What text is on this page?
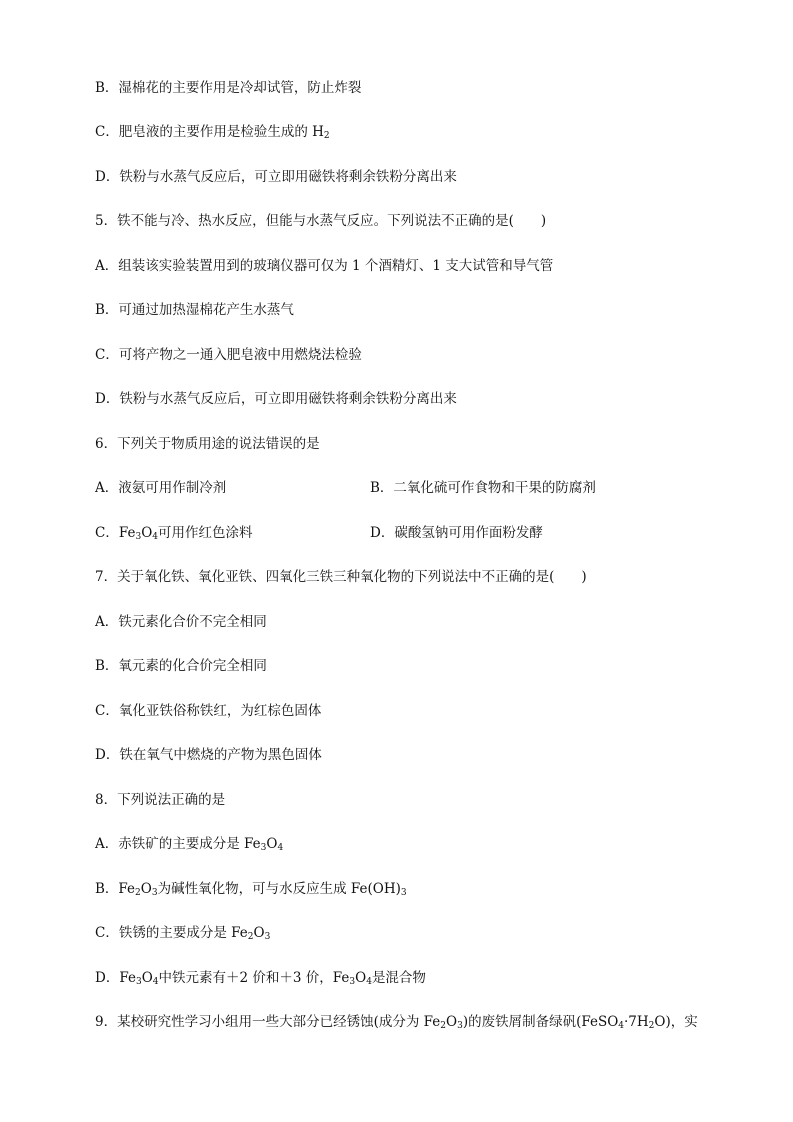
B．湿棉花的主要作用是冷却试管，防止炸裂
C．肥皂液的主要作用是检验生成的 $H_2$
D．铁粉与水蒸气反应后，可立即用磁铁将剩余铁粉分离出来
5．铁不能与冷、热水反应，但能与水蒸气反应。下列说法不正确的是(　　)
A．组装该实验装置用到的玻璃仪器可仅为 1 个酒精灯、1 支大试管和导气管
B．可通过加热湿棉花产生水蒸气
C．可将产物之一通入肥皂液中用燃烧法检验
D．铁粉与水蒸气反应后，可立即用磁铁将剩余铁粉分离出来
6．下列关于物质用途的说法错误的是
A．液氨可用作制冷剂	B．二氧化硫可作食物和干果的防腐剂
C．$Fe_3O_4$可用作红色涂料	D．碳酸氢钠可用作面粉发酵
7．关于氧化铁、氧化亚铁、四氧化三铁三种氧化物的下列说法中不正确的是(　　)
A．铁元素化合价不完全相同
B．氧元素的化合价完全相同
C．氧化亚铁俗称铁红，为红棕色固体
D．铁在氧气中燃烧的产物为黑色固体
8．下列说法正确的是
A．赤铁矿的主要成分是 $Fe_3O_4$
B．$Fe_2O_3$为碱性氧化物，可与水反应生成 $Fe(OH)_3$
C．铁锈的主要成分是 $Fe_2O_3$
D．$Fe_3O_4$中铁元素有＋2 价和＋3 价，$Fe_3O_4$是混合物
9．某校研究性学习小组用一些大部分已经锈蚀(成分为 $Fe_2O_3$)的废铁屑制备绿矾$(FeSO_4\cdot 7H_2O)$，实
